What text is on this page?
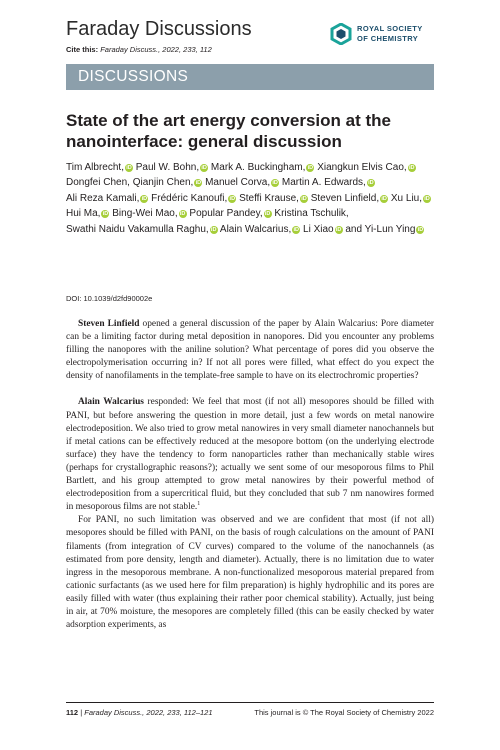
Faraday Discussions
Cite this: Faraday Discuss., 2022, 233, 112
ROYAL SOCIETY
OF CHEMISTRY
DISCUSSIONS
State of the art energy conversion at the nanointerface: general discussion
Tim Albrecht, iD Paul W. Bohn, iD Mark A. Buckingham, iD Xiangkun Elvis Cao, iD Dongfei Chen, Qianjin Chen, iD Manuel Corva, iD Martin A. Edwards, iD Ali Reza Kamali, iD Frédéric Kanoufi, iD Steffi Krause, iD Steven Linfield, iD Xu Liu, iD Hui Ma, iD Bing-Wei Mao, iD Popular Pandey, iD Kristina Tschulik, Swathi Naidu Vakamulla Raghu, iD Alain Walcarius, iD Li Xiao iD and Yi-Lun Ying iD
DOI: 10.1039/d2fd90002e

Steven Linfield opened a general discussion of the paper by Alain Walcarius: Pore diameter can be a limiting factor during metal deposition in nanopores. Did you encounter any problems filling the nanopores with the aniline solution? What percentage of pores did you observe the electropolymerisation occurring in? If not all pores were filled, what effect do you expect the density of nanofilaments in the template-free sample to have on its electrochromic properties?

Alain Walcarius responded: We feel that most (if not all) mesopores should be filled with PANI, but before answering the question in more detail, just a few words on metal nanowire electrodeposition. We also tried to grow metal nanowires in very small diameter nanochannels but if metal cations can be effectively reduced at the mesopore bottom (on the underlying electrode surface) they have the tendency to form nanoparticles rather than mechanically stable wires (perhaps for crystallographic reasons?); actually we sent some of our mesoporous films to Phil Bartlett, and his group attempted to grow metal nanowires by their powerful method of electrodeposition from a supercritical fluid, but they concluded that sub 7 nm nanowires formed in mesoporous films are not stable.$^1$

For PANI, no such limitation was observed and we are confident that most (if not all) mesopores should be filled with PANI, on the basis of rough calculations on the amount of PANI filaments (from integration of CV curves) compared to the volume of the nanochannels (as estimated from pore density, length and diameter). Actually, there is no limitation due to water ingress in the mesoporous membrane. A non-functionalized mesoporous material prepared from cationic surfactants (as we used here for film preparation) is highly hydrophilic and its pores are easily filled with water (thus explaining their rather poor chemical stability). Actually, just being in air, at 70% moisture, the mesopores are completely filled (this can be easily checked by water adsorption experiments, as

112 | Faraday Discuss., 2022, 233, 112–121	This journal is © The Royal Society of Chemistry 2022
